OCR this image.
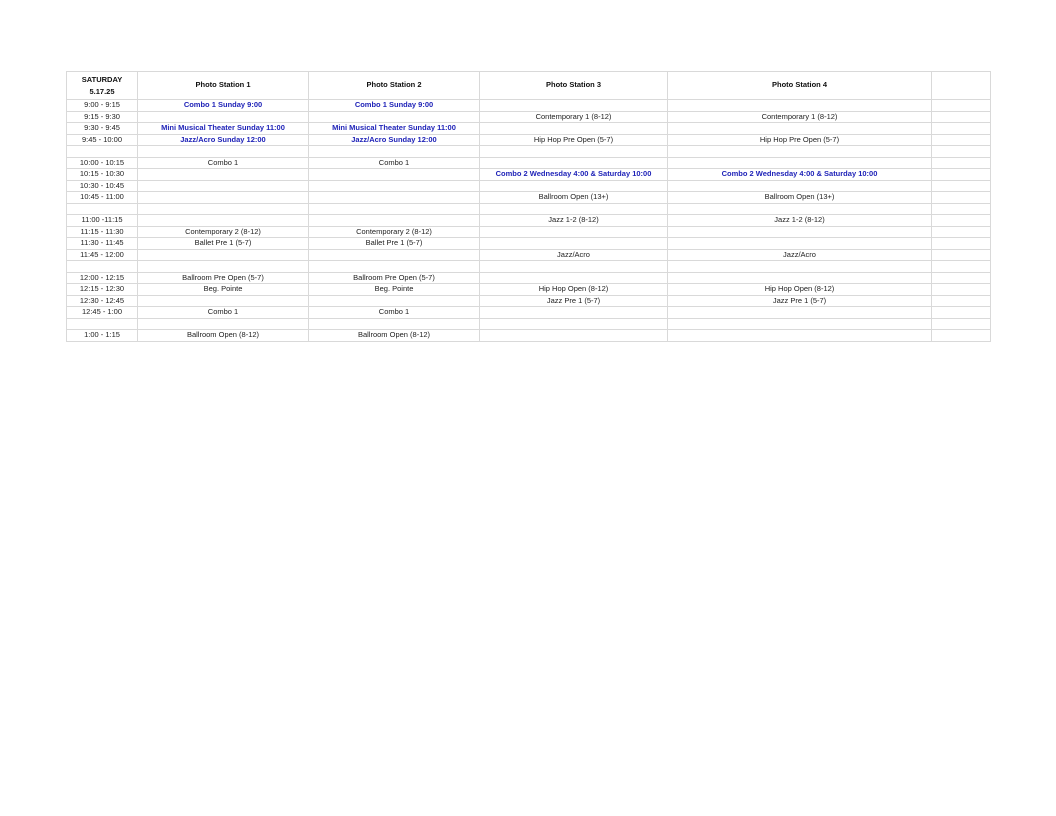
SATURDAY
5.17.25	Photo Station 1	Photo Station 2	Photo Station 3	Photo Station 4	
9:00 - 9:15	Combo 1 Sunday 9:00	Combo 1 Sunday 9:00			
9:15 - 9:30			Contemporary 1 (8-12)	Contemporary 1 (8-12)	
9:30 - 9:45	Mini Musical Theater Sunday 11:00	Mini Musical Theater Sunday 11:00			
9:45 - 10:00	Jazz/Acro Sunday 12:00	Jazz/Acro Sunday 12:00	Hip Hop Pre Open (5-7)	Hip Hop Pre Open (5-7)	

10:00 - 10:15	Combo 1	Combo 1			
10:15 - 10:30			Combo 2 Wednesday 4:00 & Saturday 10:00	Combo 2 Wednesday 4:00 & Saturday 10:00	
10:30 - 10:45					
10:45 - 11:00			Ballroom Open (13+)	Ballroom Open (13+)	

11:00 -11:15			Jazz 1-2 (8-12)	Jazz 1-2 (8-12)	
11:15 - 11:30	Contemporary 2 (8-12)	Contemporary 2 (8-12)			
11:30 - 11:45	Ballet Pre 1 (5-7)	Ballet Pre 1 (5-7)			
11:45 - 12:00			Jazz/Acro	Jazz/Acro	

12:00 - 12:15	Ballroom Pre Open (5-7)	Ballroom Pre Open (5-7)			
12:15 - 12:30	Beg. Pointe	Beg. Pointe	Hip Hop Open (8-12)	Hip Hop Open (8-12)	
12:30 - 12:45			Jazz Pre 1 (5-7)	Jazz Pre 1 (5-7)	
12:45 - 1:00	Combo 1	Combo 1			

1:00 - 1:15	Ballroom Open (8-12)	Ballroom Open (8-12)			
